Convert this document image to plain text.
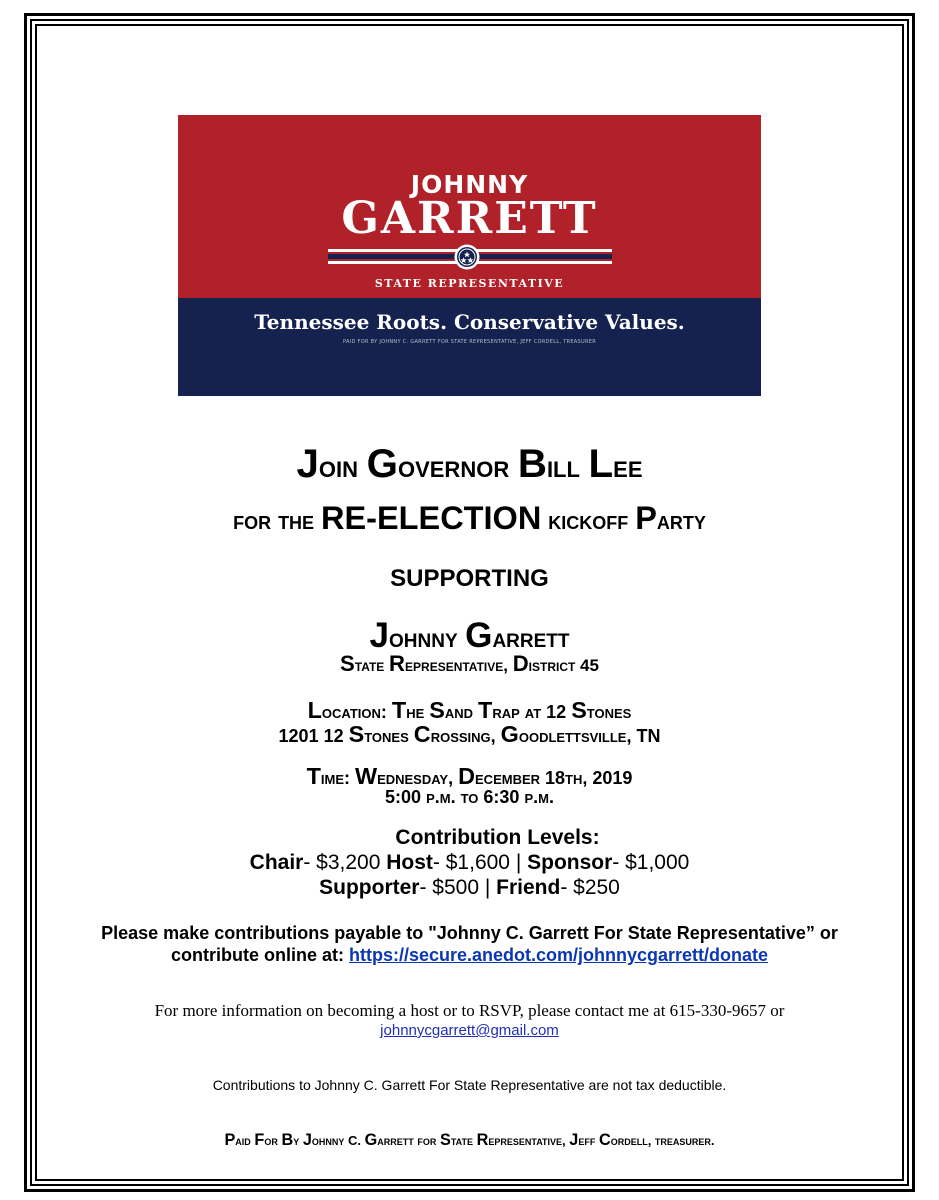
JOHNNY
GARRETT
STATE REPRESENTATIVE
Tennessee Roots. Conservative Values.
PAID FOR BY JOHNNY C. GARRETT FOR STATE REPRESENTATIVE, JEFF CORDELL, TREASURER
Join Governor Bill Lee
for the RE-ELECTION kickoff Party
SUPPORTING
Johnny Garrett
State Representative, District 45
Location: The Sand Trap at 12 Stones
1201 12 Stones Crossing, Goodlettsville, TN
Time: Wednesday, December 18th, 2019
5:00 p.m. to 6:30 p.m.
Contribution Levels:
Chair- $3,200 Host- $1,600 | Sponsor- $1,000
Supporter- $500 | Friend- $250
Please make contributions payable to "Johnny C. Garrett For State Representative” or
contribute online at: https://secure.anedot.com/johnnycgarrett/donate
For more information on becoming a host or to RSVP, please contact me at 615-330-9657 or
johnnycgarrett@gmail.com
Contributions to Johnny C. Garrett For State Representative are not tax deductible.
Paid For By Johnny C. Garrett for State Representative, Jeff Cordell, treasurer.
